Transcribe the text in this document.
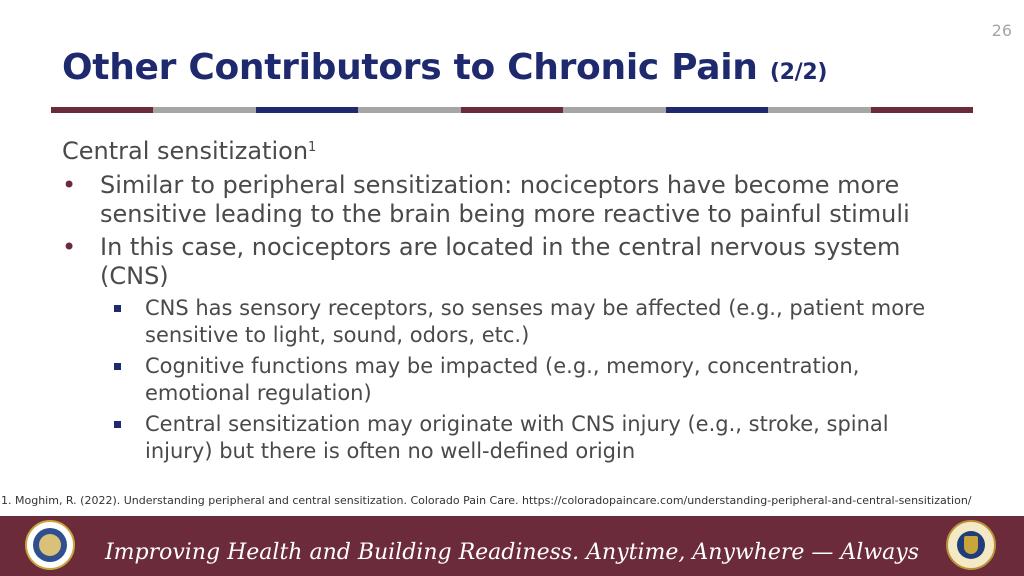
26
Other Contributors to Chronic Pain (2/2)

Central sensitization$^1$

• Similar to peripheral sensitization: nociceptors have become more sensitive leading to the brain being more reactive to painful stimuli
• In this case, nociceptors are located in the central nervous system (CNS)
CNS has sensory receptors, so senses may be affected (e.g., patient more sensitive to light, sound, odors, etc.)
Cognitive functions may be impacted (e.g., memory, concentration, emotional regulation)
Central sensitization may originate with CNS injury (e.g., stroke, spinal injury) but there is often no well-defined origin
1. Moghim, R. (2022). Understanding peripheral and central sensitization. Colorado Pain Care. https://coloradopaincare.com/understanding-peripheral-and-central-sensitization/

Improving Health and Building Readiness. Anytime, Anywhere — Always
